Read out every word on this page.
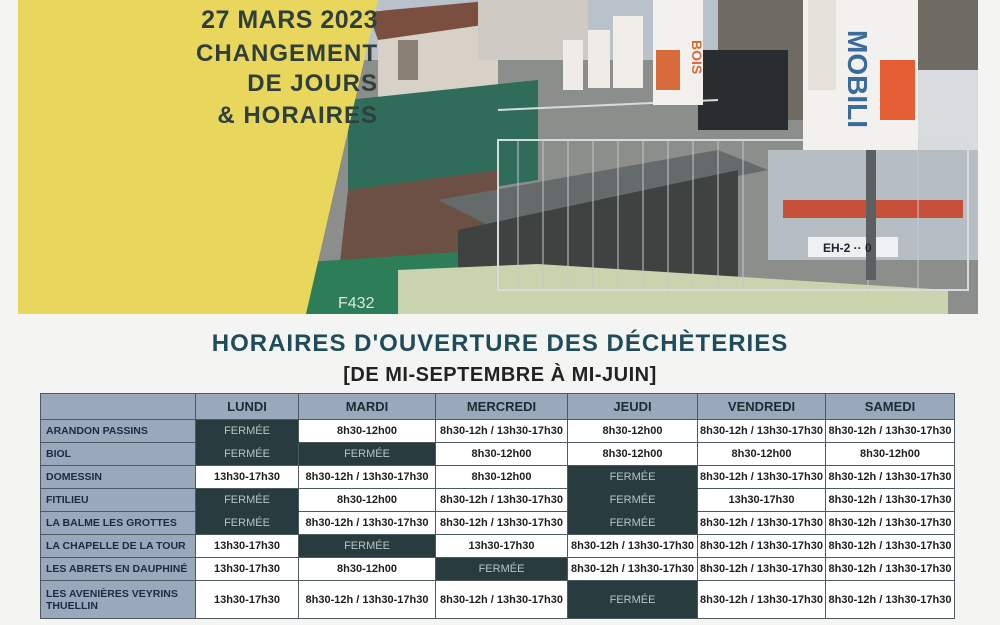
MOBILI
BOIS
EH-2 ·· 0
F432
27 MARS 2023
CHANGEMENT
DE JOURS
& HORAIRES
HORAIRES D'OUVERTURE DES DÉCHÈTERIES
[DE MI-SEPTEMBRE À MI-JUIN]
	LUNDI	MARDI	MERCREDI	JEUDI	VENDREDI	SAMEDI
ARANDON PASSINS	FERMÉE	8h30-12h00	8h30-12h / 13h30-17h30	8h30-12h00	8h30-12h / 13h30-17h30	8h30-12h / 13h30-17h30
BIOL	FERMÉE	FERMÉE	8h30-12h00	8h30-12h00	8h30-12h00	8h30-12h00
DOMESSIN	13h30-17h30	8h30-12h / 13h30-17h30	8h30-12h00	FERMÉE	8h30-12h / 13h30-17h30	8h30-12h / 13h30-17h30
FITILIEU	FERMÉE	8h30-12h00	8h30-12h / 13h30-17h30	FERMÉE	13h30-17h30	8h30-12h / 13h30-17h30
LA BALME LES GROTTES	FERMÉE	8h30-12h / 13h30-17h30	8h30-12h / 13h30-17h30	FERMÉE	8h30-12h / 13h30-17h30	8h30-12h / 13h30-17h30
LA CHAPELLE DE LA TOUR	13h30-17h30	FERMÉE	13h30-17h30	8h30-12h / 13h30-17h30	8h30-12h / 13h30-17h30	8h30-12h / 13h30-17h30
LES ABRETS EN DAUPHINÉ	13h30-17h30	8h30-12h00	FERMÉE	8h30-12h / 13h30-17h30	8h30-12h / 13h30-17h30	8h30-12h / 13h30-17h30
LES AVENIÈRES VEYRINS THUELLIN	13h30-17h30	8h30-12h / 13h30-17h30	8h30-12h / 13h30-17h30	FERMÉE	8h30-12h / 13h30-17h30	8h30-12h / 13h30-17h30
